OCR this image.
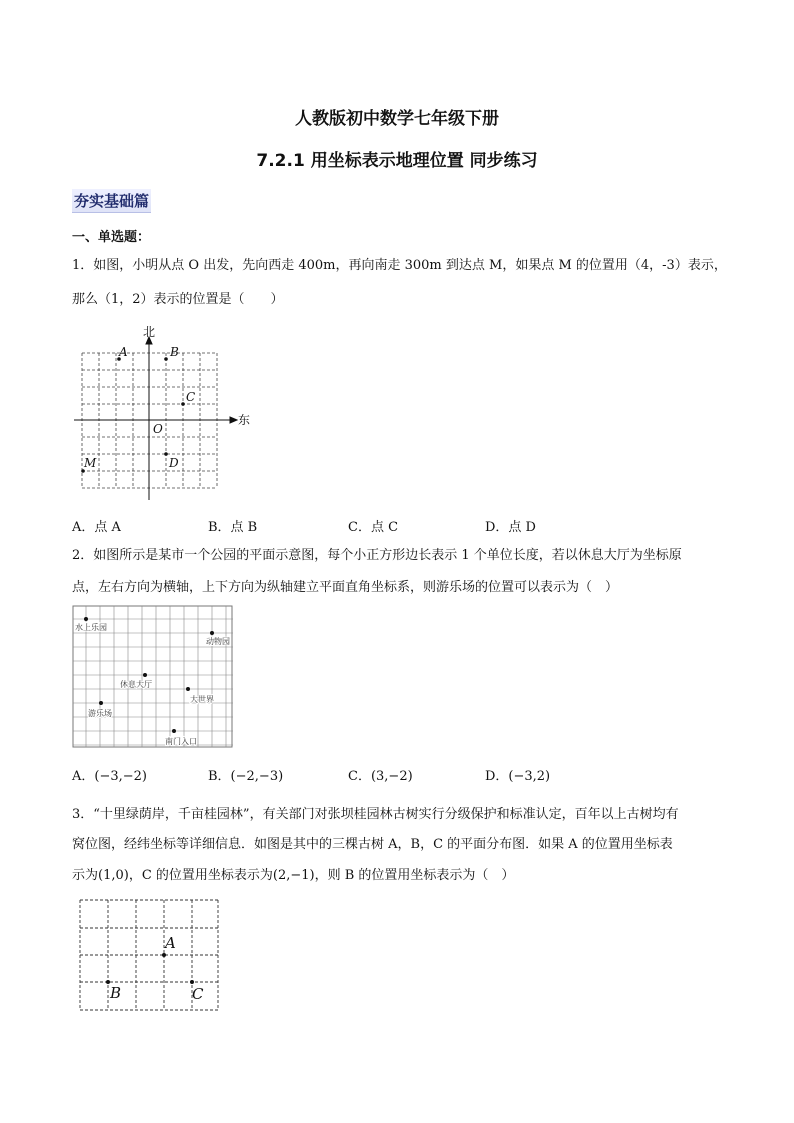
人教版初中数学七年级下册
7.2.1 用坐标表示地理位置 同步练习
夯实基础篇
一、单选题：
1．如图，小明从点 O 出发，先向西走 400m，再向南走 300m 到达点 M，如果点 M 的位置用（4，-3）表示，
那么（1，2）表示的位置是（　　）
北
东
O
A	B
C
D
M
A．点 A	B．点 B	C．点 C	D．点 D
2．如图所示是某市一个公园的平面示意图，每个小正方形边长表示 1 个单位长度，若以休息大厅为坐标原
点，左右方向为横轴，上下方向为纵轴建立平面直角坐标系，则游乐场的位置可以表示为（　）
水上乐园
动物园
休息大厅
大世界
游乐场
南门入口
A．(−3,−2)	B．(−2,−3)	C．(3,−2)	D．(−3,2)
3．“十里绿荫岸，千亩桂园林”，有关部门对张坝桂园林古树实行分级保护和标准认定，百年以上古树均有
窝位图，经纬坐标等详细信息．如图是其中的三棵古树 A，B，C 的平面分布图．如果 A 的位置用坐标表
示为(1,0)，C 的位置用坐标表示为(2,−1)，则 B 的位置用坐标表示为（　）
A
B	C
